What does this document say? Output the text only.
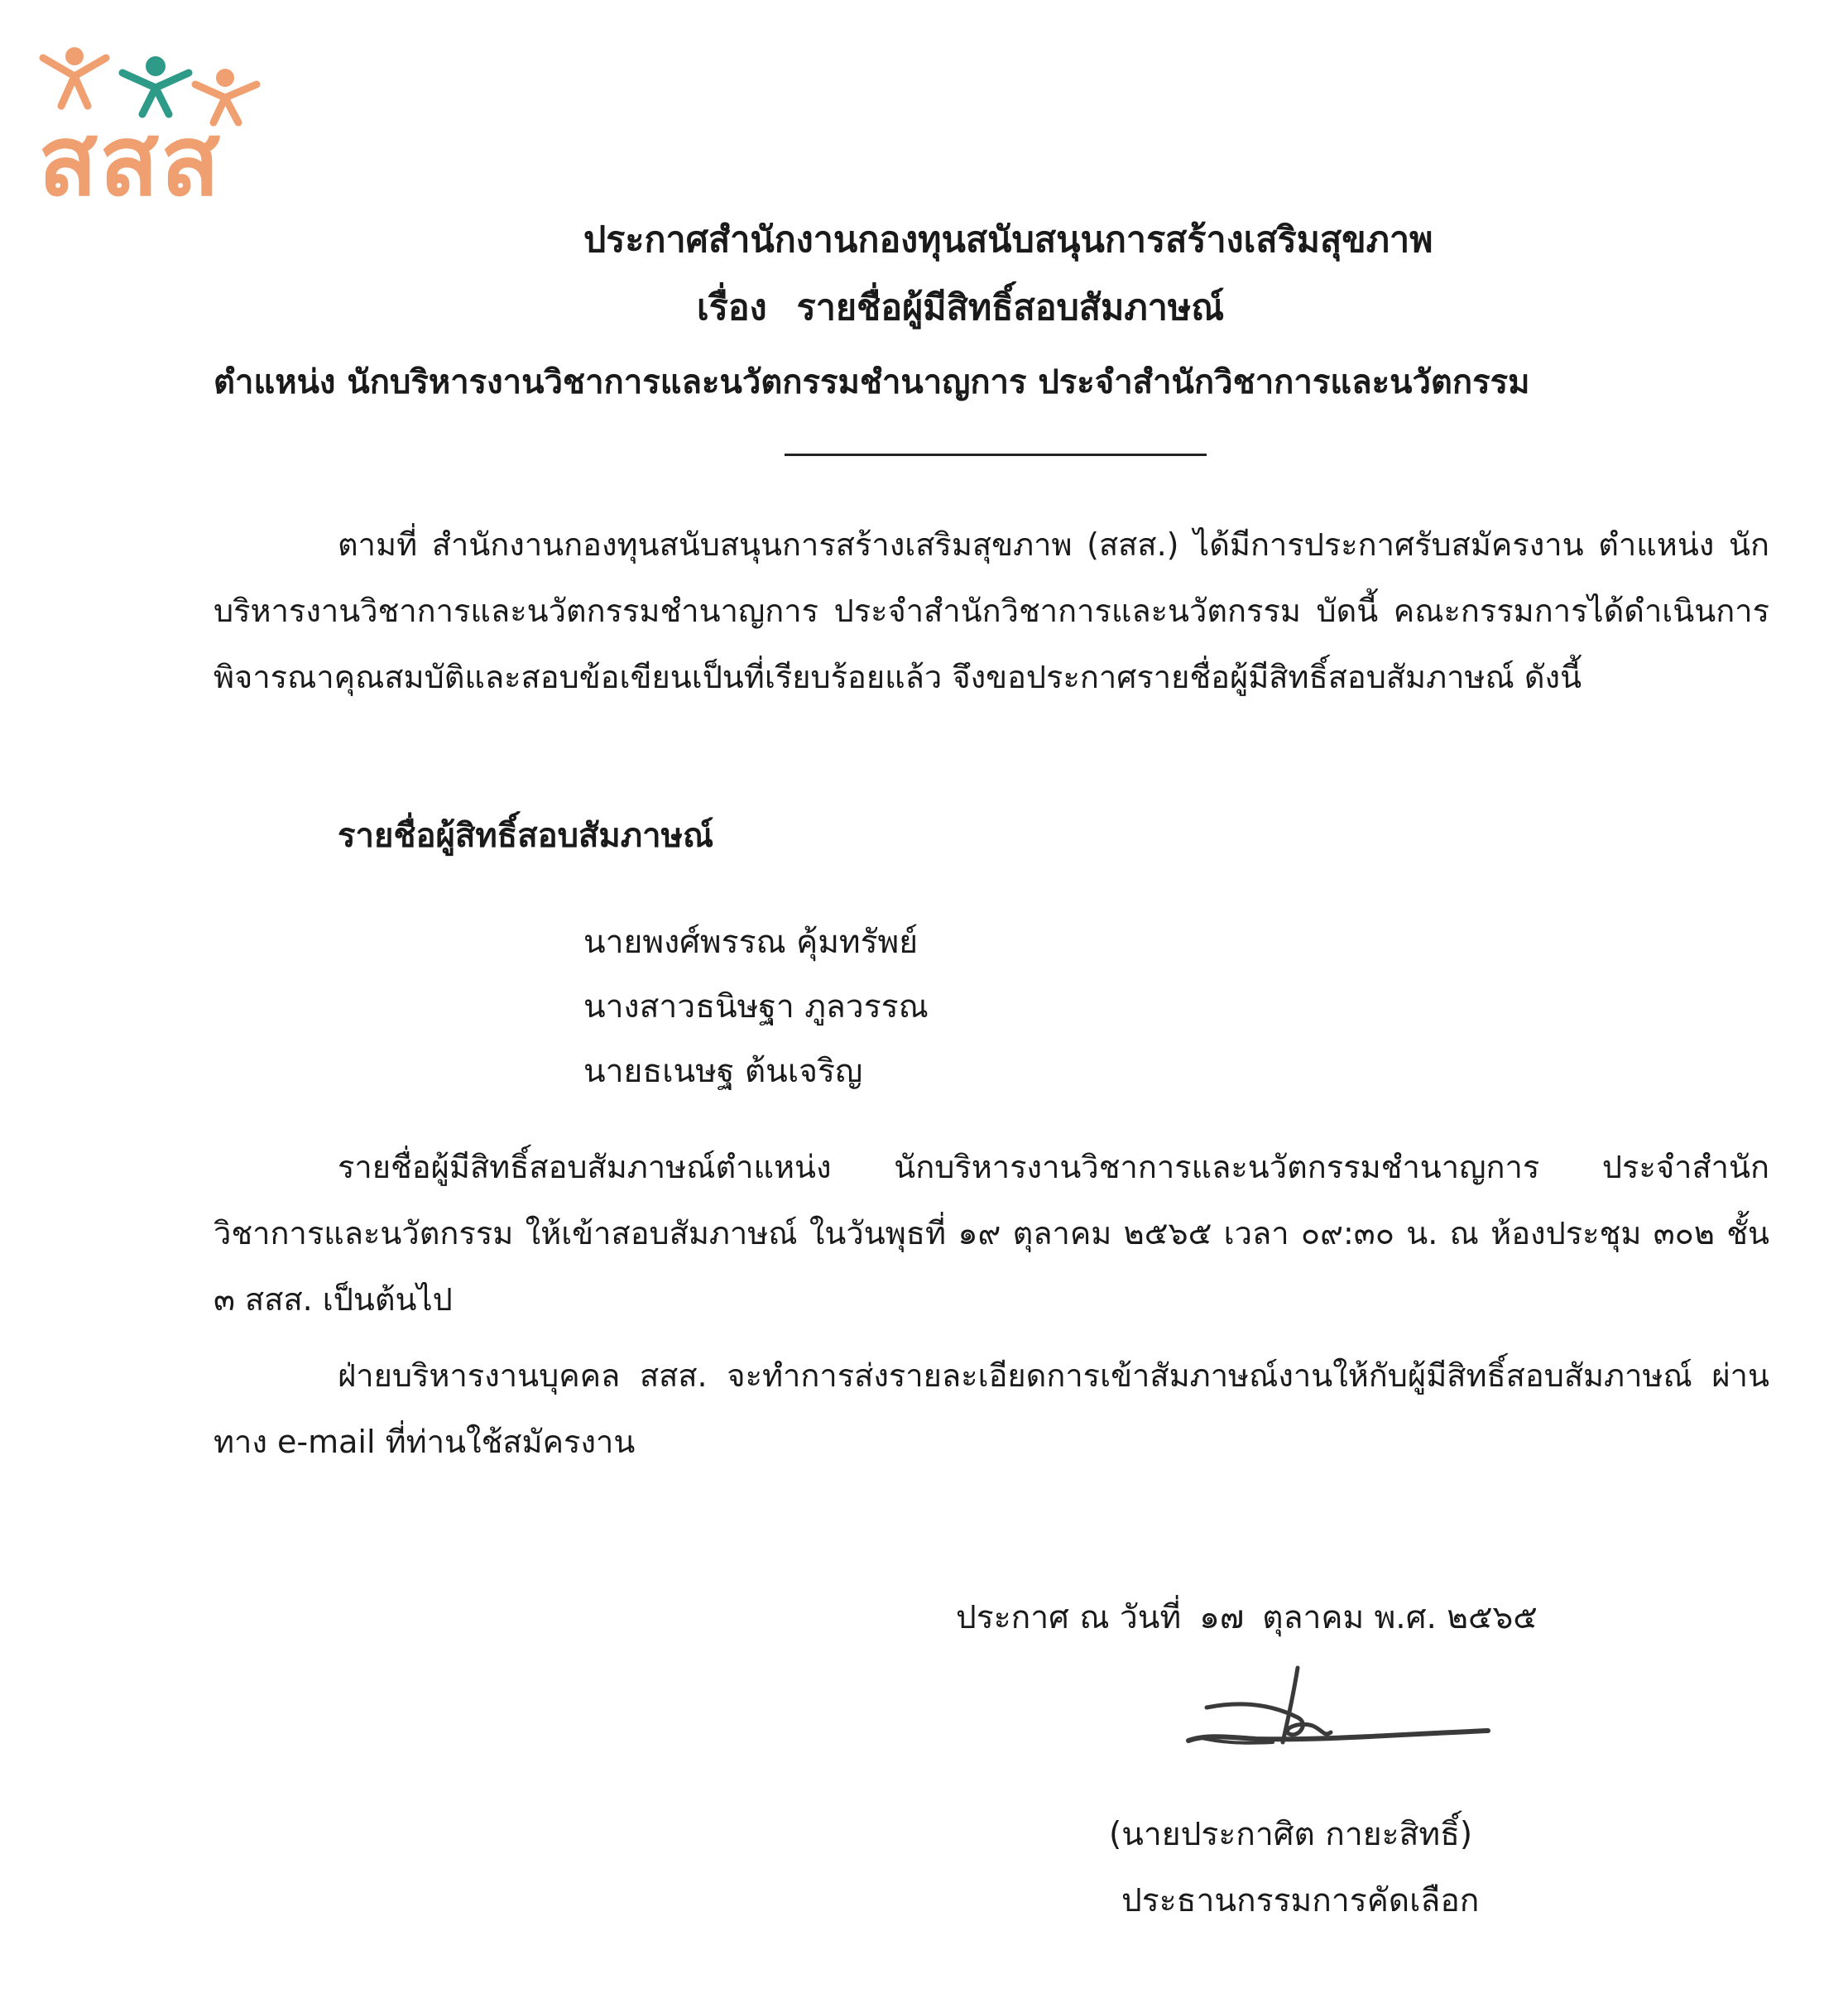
สสส
ประกาศสำนักงานกองทุนสนับสนุนการสร้างเสริมสุขภาพ
เรื่อง รายชื่อผู้มีสิทธิ์สอบสัมภาษณ์
ตำแหน่ง นักบริหารงานวิชาการและนวัตกรรมชำนาญการ ประจำสำนักวิชาการและนวัตกรรม
ตามที่ สำนักงานกองทุนสนับสนุนการสร้างเสริมสุขภาพ (สสส.) ได้มีการประกาศรับสมัครงาน ตำแหน่ง นักบริหารงานวิชาการและนวัตกรรมชำนาญการ ประจำสำนักวิชาการและนวัตกรรม บัดนี้ คณะกรรมการได้ดำเนินการพิจารณาคุณสมบัติและสอบข้อเขียนเป็นที่เรียบร้อยแล้ว จึงขอประกาศรายชื่อผู้มีสิทธิ์สอบสัมภาษณ์ ดังนี้
รายชื่อผู้สิทธิ์สอบสัมภาษณ์
นายพงศ์พรรณ คุ้มทรัพย์
นางสาวธนิษฐา ภูลวรรณ
นายธเนษฐ ต้นเจริญ
รายชื่อผู้มีสิทธิ์สอบสัมภาษณ์ตำแหน่ง นักบริหารงานวิชาการและนวัตกรรมชำนาญการ ประจำสำนักวิชาการและนวัตกรรม ให้เข้าสอบสัมภาษณ์ ในวันพุธที่ ๑๙ ตุลาคม ๒๕๖๕ เวลา ๐๙:๓๐ น. ณ ห้องประชุม ๓๐๒ ชั้น ๓ สสส. เป็นต้นไป
ฝ่ายบริหารงานบุคคล สสส. จะทำการส่งรายละเอียดการเข้าสัมภาษณ์งานให้กับผู้มีสิทธิ์สอบสัมภาษณ์ ผ่านทาง e-mail ที่ท่านใช้สมัครงาน
ประกาศ ณ วันที่ ๑๗ ตุลาคม พ.ศ. ๒๕๖๕
(นายประกาศิต กายะสิทธิ์)
ประธานกรรมการคัดเลือก
